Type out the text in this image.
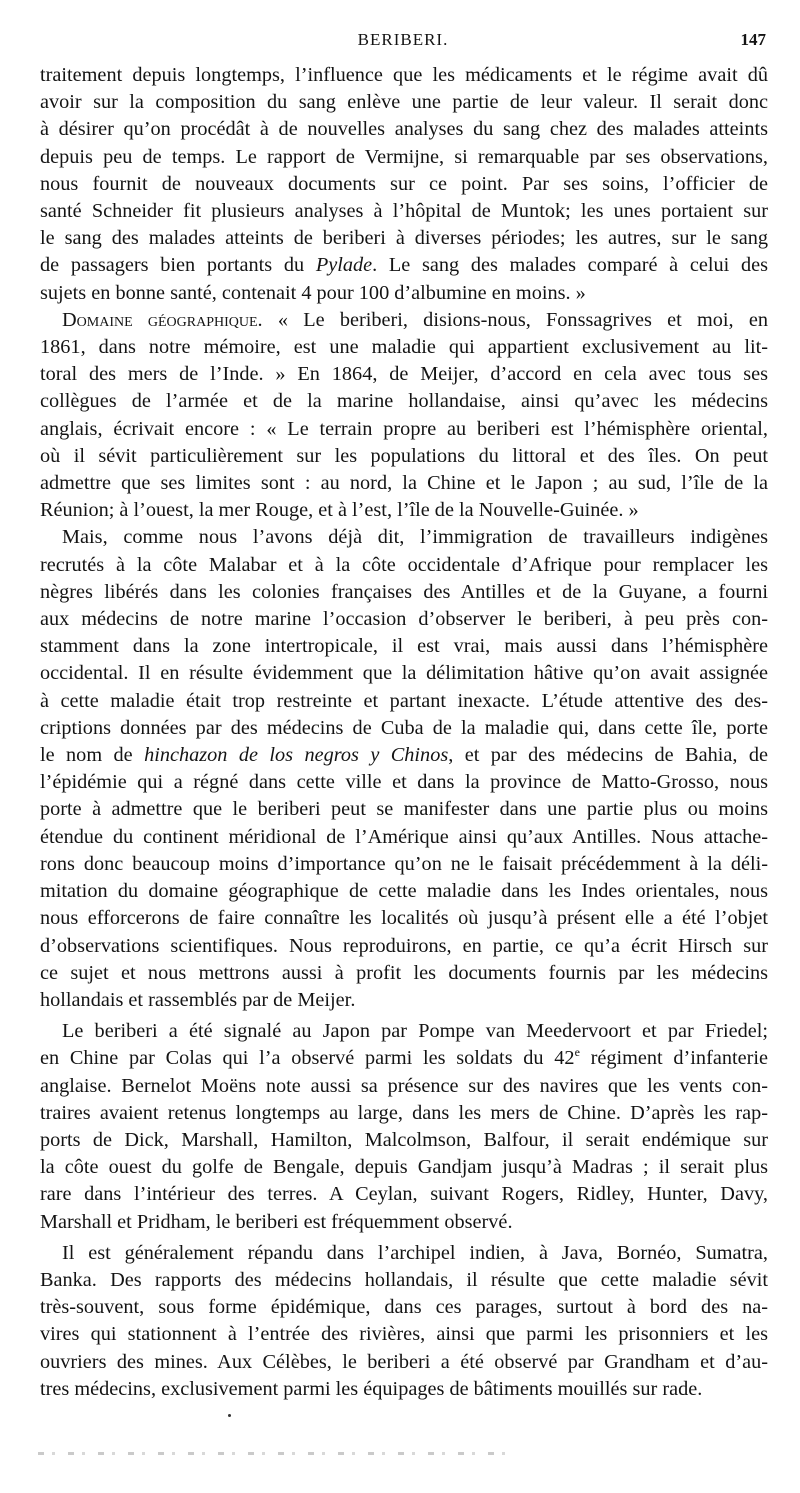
BERIBERI.	147
traitement depuis longtemps, l’influence que les médicaments et le régime avait dû
avoir sur la composition du sang enlève une partie de leur valeur. Il serait donc
à désirer qu’on procédât à de nouvelles analyses du sang chez des malades atteints
depuis peu de temps. Le rapport de Vermijne, si remarquable par ses observations,
nous fournit de nouveaux documents sur ce point. Par ses soins, l’officier de
santé Schneider fit plusieurs analyses à l’hôpital de Muntok; les unes portaient sur
le sang des malades atteints de beriberi à diverses périodes; les autres, sur le sang
de passagers bien portants du Pylade. Le sang des malades comparé à celui des
sujets en bonne santé, contenait 4 pour 100 d’albumine en moins. »
Domaine géographique. « Le beriberi, disions-nous, Fonssagrives et moi, en
1861, dans notre mémoire, est une maladie qui appartient exclusivement au lit-
toral des mers de l’Inde. » En 1864, de Meijer, d’accord en cela avec tous ses
collègues de l’armée et de la marine hollandaise, ainsi qu’avec les médecins
anglais, écrivait encore : « Le terrain propre au beriberi est l’hémisphère oriental,
où il sévit particulièrement sur les populations du littoral et des îles. On peut
admettre que ses limites sont : au nord, la Chine et le Japon ; au sud, l’île de la
Réunion; à l’ouest, la mer Rouge, et à l’est, l’île de la Nouvelle-Guinée. »
Mais, comme nous l’avons déjà dit, l’immigration de travailleurs indigènes
recrutés à la côte Malabar et à la côte occidentale d’Afrique pour remplacer les
nègres libérés dans les colonies françaises des Antilles et de la Guyane, a fourni
aux médecins de notre marine l’occasion d’observer le beriberi, à peu près con-
stamment dans la zone intertropicale, il est vrai, mais aussi dans l’hémisphère
occidental. Il en résulte évidemment que la délimitation hâtive qu’on avait assignée
à cette maladie était trop restreinte et partant inexacte. L’étude attentive des des-
criptions données par des médecins de Cuba de la maladie qui, dans cette île, porte
le nom de hinchazon de los negros y Chinos, et par des médecins de Bahia, de
l’épidémie qui a régné dans cette ville et dans la province de Matto-Grosso, nous
porte à admettre que le beriberi peut se manifester dans une partie plus ou moins
étendue du continent méridional de l’Amérique ainsi qu’aux Antilles. Nous attache-
rons donc beaucoup moins d’importance qu’on ne le faisait précédemment à la déli-
mitation du domaine géographique de cette maladie dans les Indes orientales, nous
nous efforcerons de faire connaître les localités où jusqu’à présent elle a été l’objet
d’observations scientifiques. Nous reproduirons, en partie, ce qu’a écrit Hirsch sur
ce sujet et nous mettrons aussi à profit les documents fournis par les médecins
hollandais et rassemblés par de Meijer.
Le beriberi a été signalé au Japon par Pompe van Meedervoort et par Friedel;
en Chine par Colas qui l’a observé parmi les soldats du 42e régiment d’infanterie
anglaise. Bernelot Moëns note aussi sa présence sur des navires que les vents con-
traires avaient retenus longtemps au large, dans les mers de Chine. D’après les rap-
ports de Dick, Marshall, Hamilton, Malcolmson, Balfour, il serait endémique sur
la côte ouest du golfe de Bengale, depuis Gandjam jusqu’à Madras ; il serait plus
rare dans l’intérieur des terres. A Ceylan, suivant Rogers, Ridley, Hunter, Davy,
Marshall et Pridham, le beriberi est fréquemment observé.
Il est généralement répandu dans l’archipel indien, à Java, Bornéo, Sumatra,
Banka. Des rapports des médecins hollandais, il résulte que cette maladie sévit
très-souvent, sous forme épidémique, dans ces parages, surtout à bord des na-
vires qui stationnent à l’entrée des rivières, ainsi que parmi les prisonniers et les
ouvriers des mines. Aux Célèbes, le beriberi a été observé par Grandham et d’au-
tres médecins, exclusivement parmi les équipages de bâtiments mouillés sur rade.
